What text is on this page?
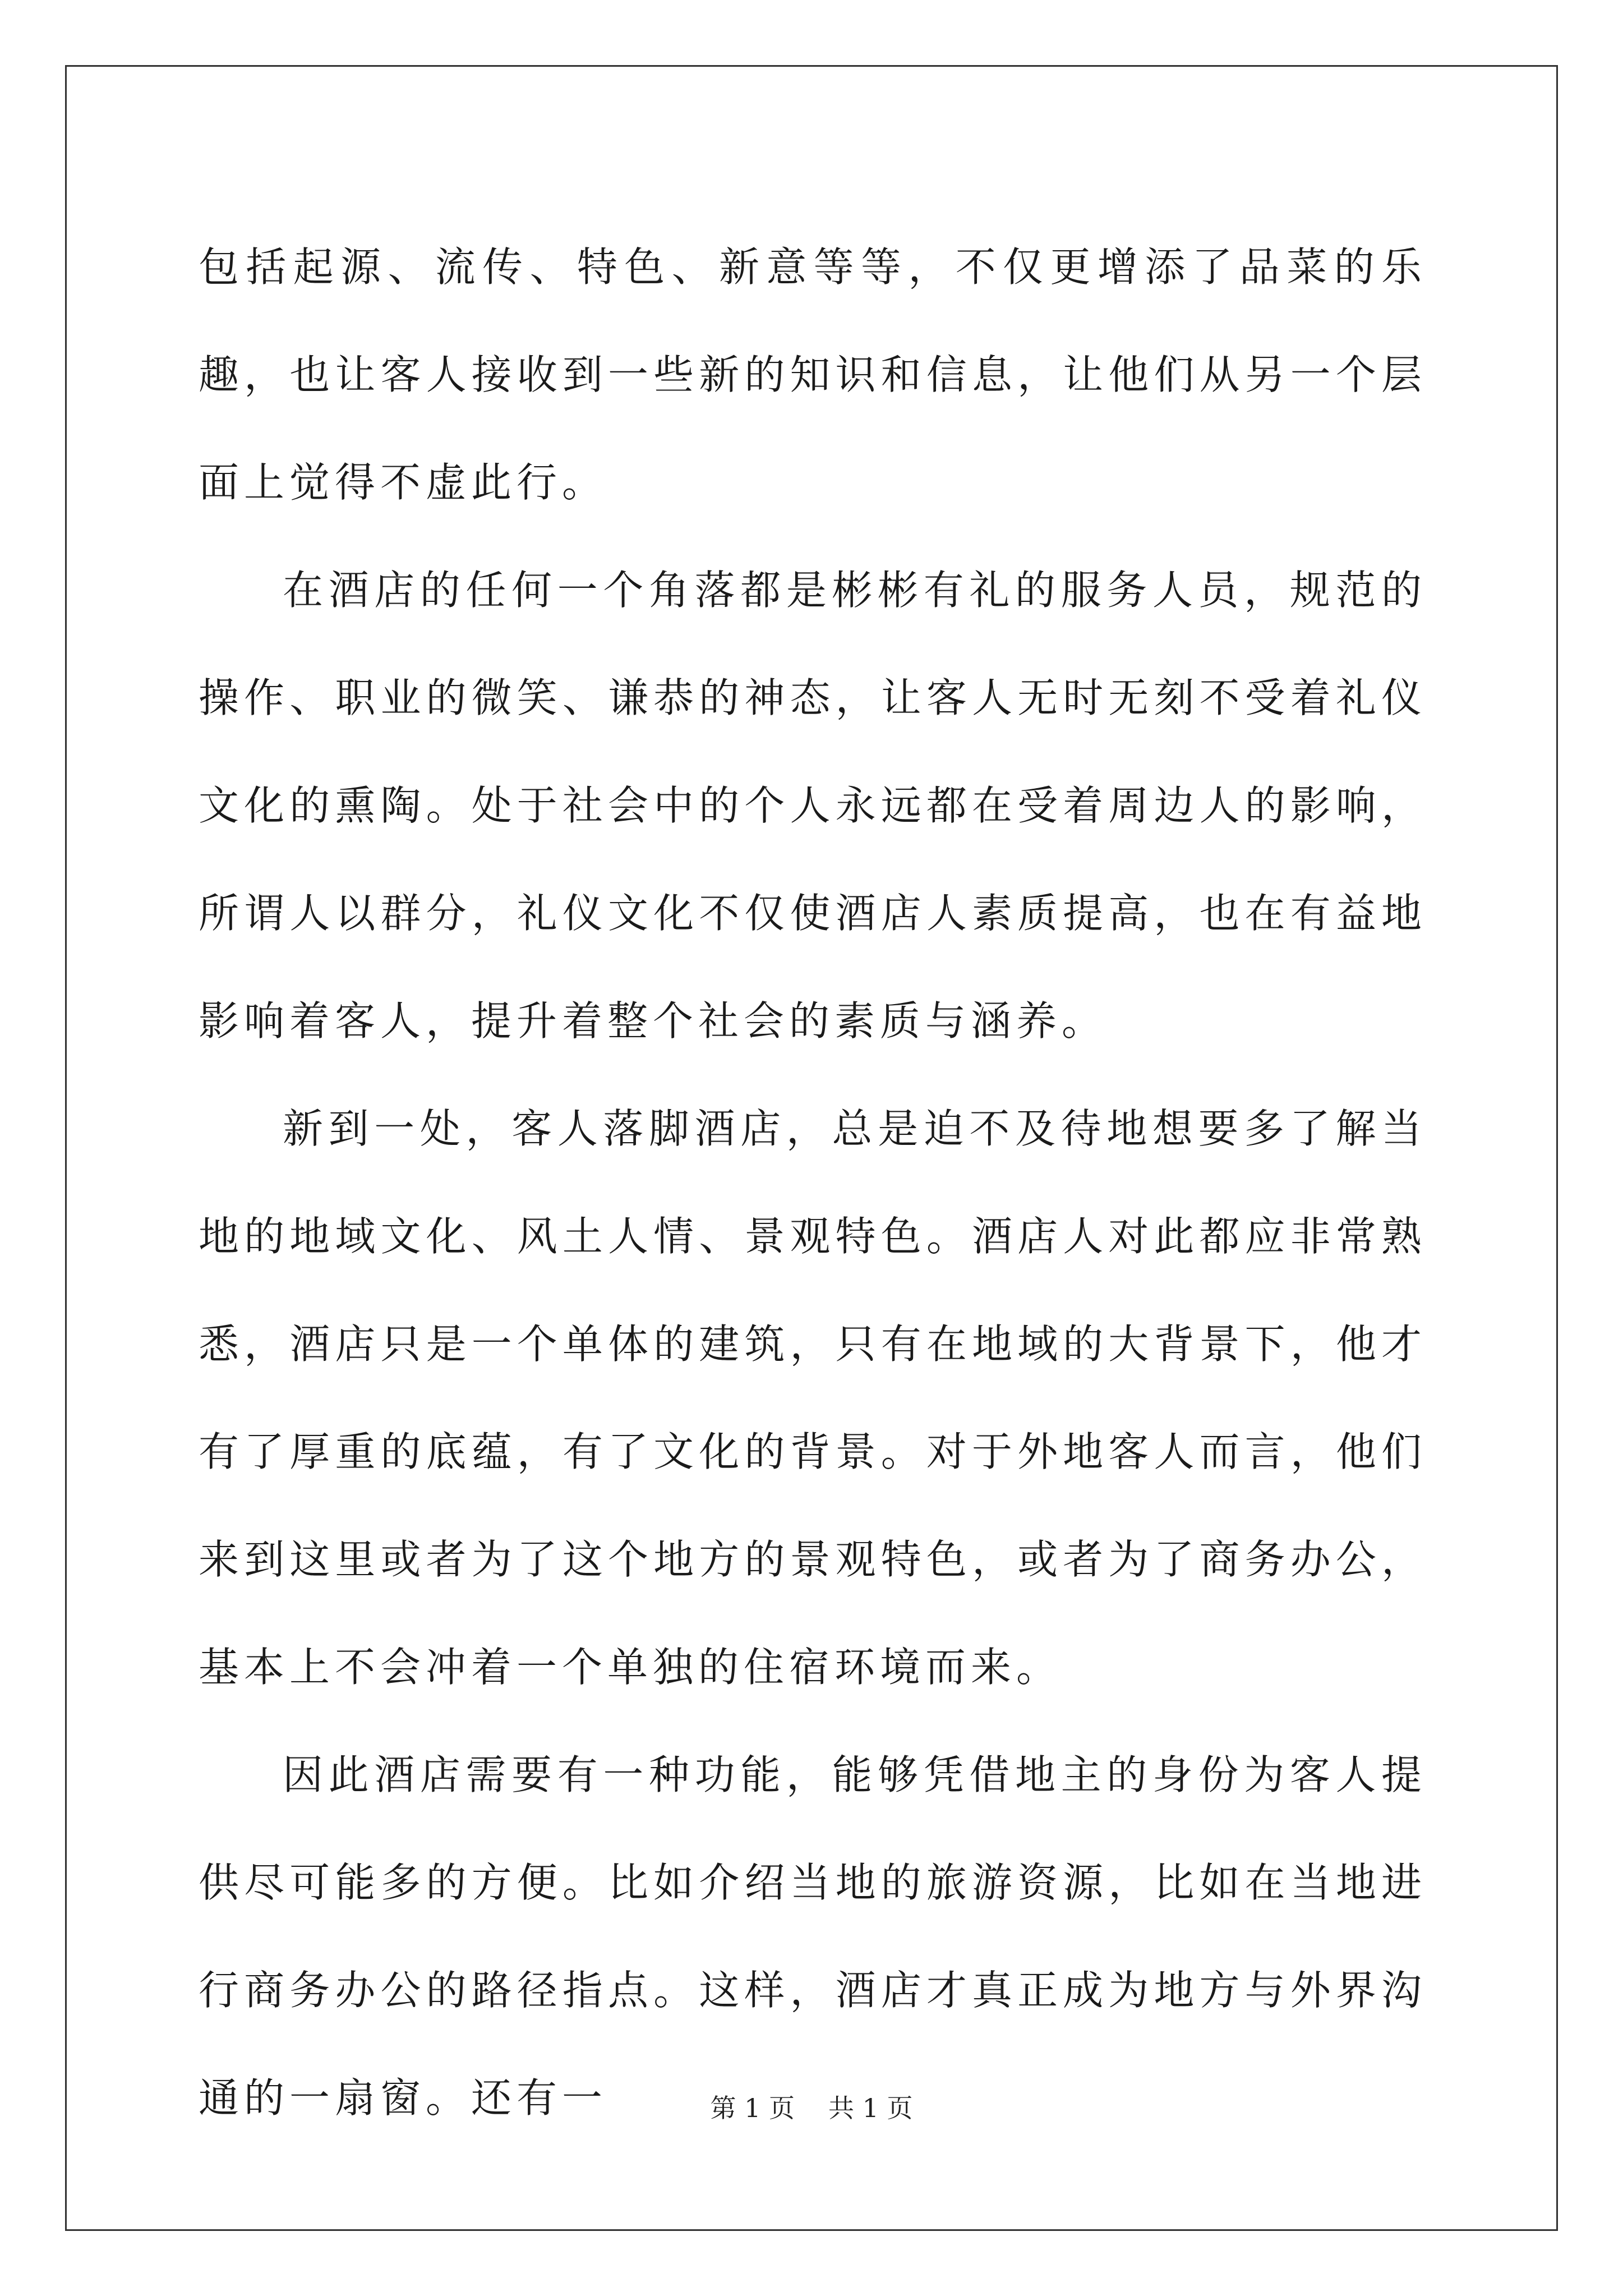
包括起源、流传、特色、新意等等，不仅更增添了品菜的乐趣，也让客人接收到一些新的知识和信息，让他们从另一个层面上觉得不虚此行。

在酒店的任何一个角落都是彬彬有礼的服务人员，规范的操作、职业的微笑、谦恭的神态，让客人无时无刻不受着礼仪文化的熏陶。处于社会中的个人永远都在受着周边人的影响，所谓人以群分，礼仪文化不仅使酒店人素质提高，也在有益地影响着客人，提升着整个社会的素质与涵养。

新到一处，客人落脚酒店，总是迫不及待地想要多了解当地的地域文化、风土人情、景观特色。酒店人对此都应非常熟悉，酒店只是一个单体的建筑，只有在地域的大背景下，他才有了厚重的底蕴，有了文化的背景。对于外地客人而言，他们来到这里或者为了这个地方的景观特色，或者为了商务办公，基本上不会冲着一个单独的住宿环境而来。

因此酒店需要有一种功能，能够凭借地主的身份为客人提供尽可能多的方便。比如介绍当地的旅游资源，比如在当地进行商务办公的路径指点。这样，酒店才真正成为地方与外界沟通的一扇窗。还有一	第 1 页 共 1 页
